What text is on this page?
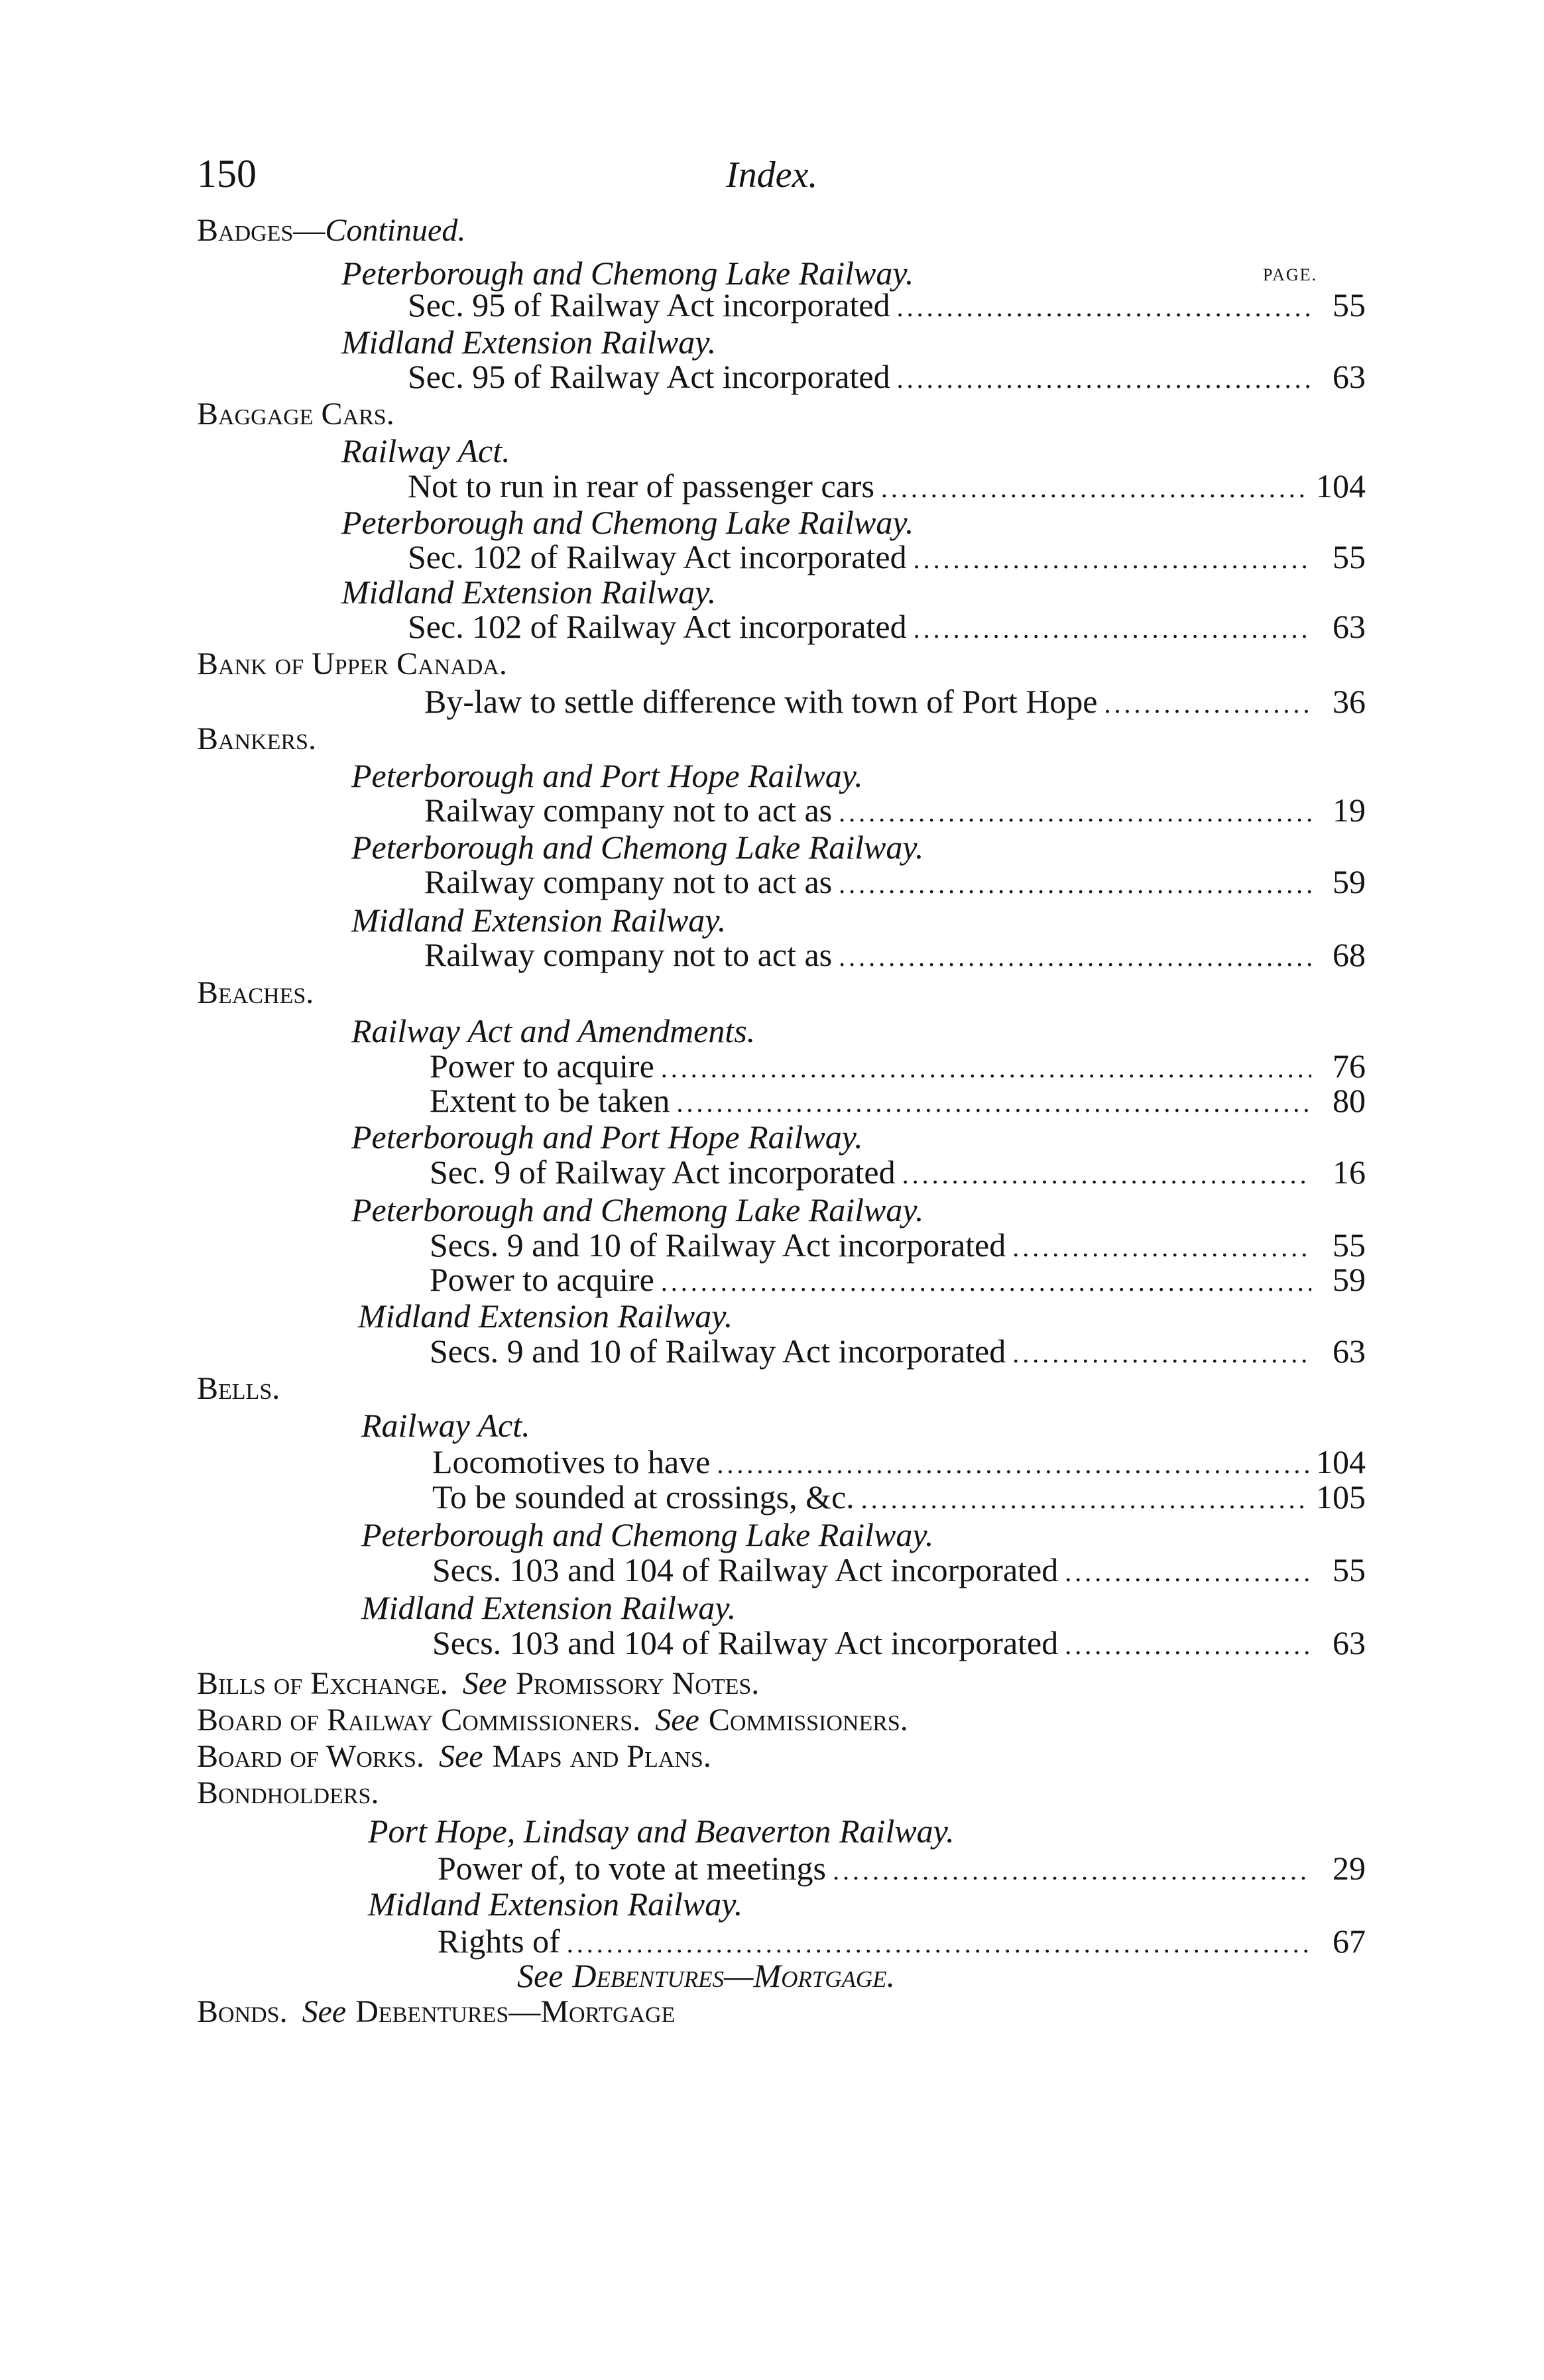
150	Index.
PAGE.
Badges— Continued.
Peterborough and Chemong Lake Railway.
Sec. 95 of Railway Act incorporated .....	55
Midland Extension Railway.
Sec. 95 of Railway Act incorporated .....	63
Baggage Cars.
Railway Act.
Not to run in rear of passenger cars .....	104
Peterborough and Chemong Lake Railway.
Sec. 102 of Railway Act incorporated .....	55
Midland Extension Railway.
Sec. 102 of Railway Act incorporated .....	63
Bank of Upper Canada.
By-law to settle difference with town of Port Hope .....	36
Bankers.
Peterborough and Port Hope Railway.
Railway company not to act as .....	19
Peterborough and Chemong Lake Railway.
Railway company not to act as .....	59
Midland Extension Railway.
Railway company not to act as .....	68
Beaches.
Railway Act and Amendments.
Power to acquire .....	76
Extent to be taken .....	80
Peterborough and Port Hope Railway.
Sec. 9 of Railway Act incorporated .....	16
Peterborough and Chemong Lake Railway.
Secs. 9 and 10 of Railway Act incorporated .....	55
Power to acquire .....	59
Midland Extension Railway.
Secs. 9 and 10 of Railway Act incorporated .....	63
Bells.
Railway Act.
Locomotives to have .....	104
To be sounded at crossings, &c. .....	105
Peterborough and Chemong Lake Railway.
Secs. 103 and 104 of Railway Act incorporated .....	55
Midland Extension Railway.
Secs. 103 and 104 of Railway Act incorporated .....	63
Bills of Exchange. See Promissory Notes.
Board of Railway Commissioners. See Commissioners.
Board of Works. See Maps and Plans.
Bondholders.
Port Hope, Lindsay and Beaverton Railway.
Power of, to vote at meetings .....	29
Midland Extension Railway.
Rights of .....	67
See Debentures—Mortgage.
Bonds. See Debentures—Mortgage
